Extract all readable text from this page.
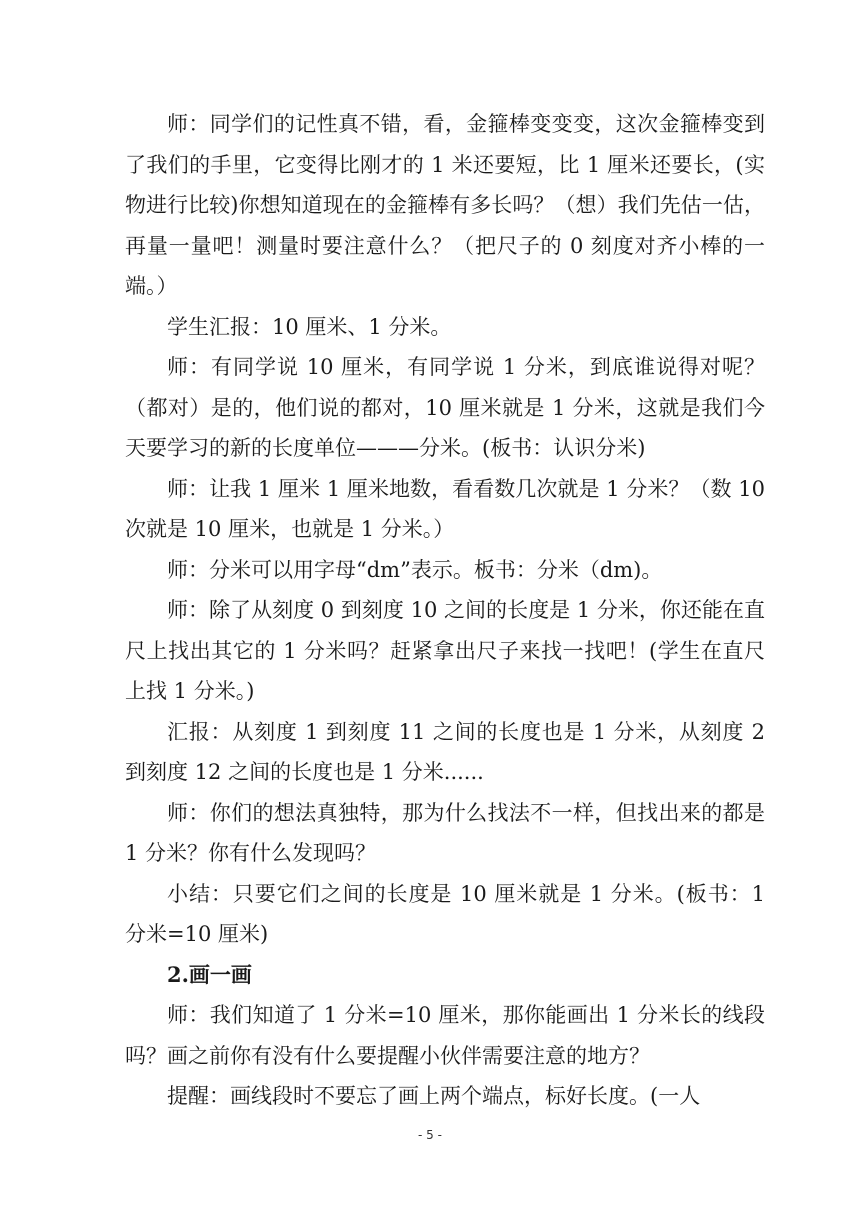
师：同学们的记性真不错，看，金箍棒变变变，这次金箍棒变到了我们的手里，它变得比刚才的 1 米还要短，比 1 厘米还要长，(实物进行比较)你想知道现在的金箍棒有多长吗？（想）我们先估一估，再量一量吧！测量时要注意什么？（把尺子的 0 刻度对齐小棒的一端。）

学生汇报：10 厘米、1 分米。

师：有同学说 10 厘米，有同学说 1 分米，到底谁说得对呢？（都对）是的，他们说的都对，10 厘米就是 1 分米，这就是我们今天要学习的新的长度单位———分米。(板书：认识分米)

师：让我 1 厘米 1 厘米地数，看看数几次就是 1 分米？（数 10 次就是 10 厘米，也就是 1 分米。）

师：分米可以用字母“dm”表示。板书：分米（dm)。

师：除了从刻度 0 到刻度 10 之间的长度是 1 分米，你还能在直尺上找出其它的 1 分米吗？赶紧拿出尺子来找一找吧！(学生在直尺上找 1 分米。)

汇报：从刻度 1 到刻度 11 之间的长度也是 1 分米，从刻度 2 到刻度 12 之间的长度也是 1 分米......

师：你们的想法真独特，那为什么找法不一样，但找出来的都是 1 分米？你有什么发现吗？

小结：只要它们之间的长度是 10 厘米就是 1 分米。(板书：1 分米=10 厘米)

2.画一画

师：我们知道了 1 分米=10 厘米，那你能画出 1 分米长的线段吗？画之前你有没有什么要提醒小伙伴需要注意的地方？

提醒：画线段时不要忘了画上两个端点，标好长度。(一人

- 5 -
